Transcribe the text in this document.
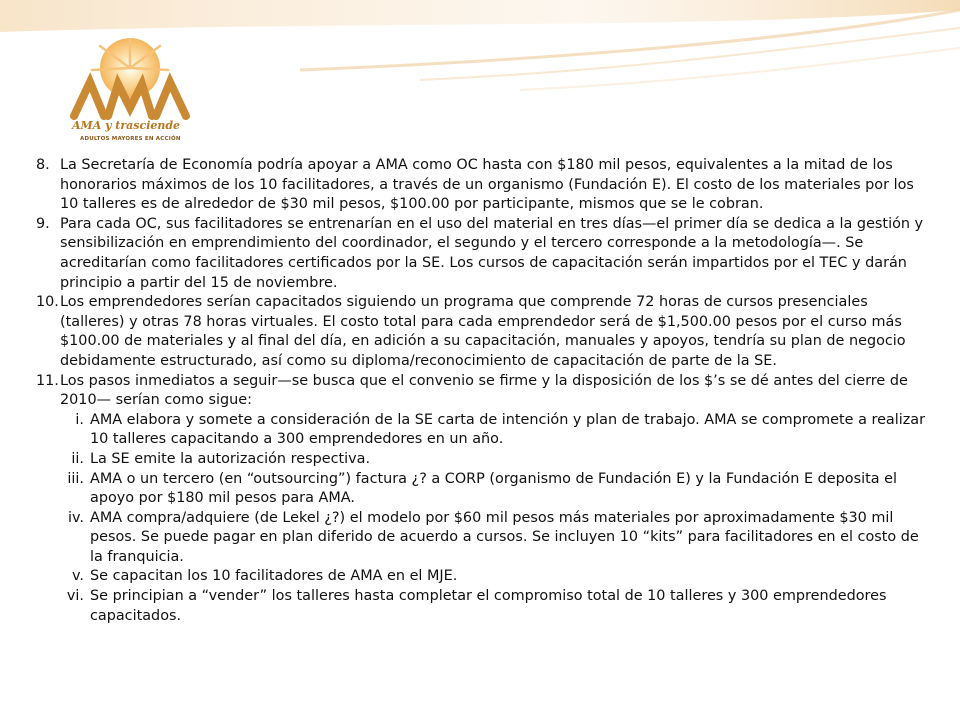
AMA y trasciende
ADULTOS MAYORES EN ACCIÓN
8. La Secretaría de Economía podría apoyar a AMA como OC hasta con $180 mil pesos, equivalentes a la mitad de los honorarios máximos de los 10 facilitadores, a través de un organismo (Fundación E). El costo de los materiales por los 10 talleres es de alrededor de $30 mil pesos, $100.00 por participante, mismos que se le cobran.
9. Para cada OC, sus facilitadores se entrenarían en el uso del material en tres días—el primer día se dedica a la gestión y sensibilización en emprendimiento del coordinador, el segundo y el tercero corresponde a la metodología—. Se acreditarían como facilitadores certificados por la SE. Los cursos de capacitación serán impartidos por el TEC y darán principio a partir del 15 de noviembre.
10. Los emprendedores serían capacitados siguiendo un programa que comprende 72 horas de cursos presenciales (talleres) y otras 78 horas virtuales. El costo total para cada emprendedor será de $1,500.00 pesos por el curso más $100.00 de materiales y al final del día, en adición a su capacitación, manuales y apoyos, tendría su plan de negocio debidamente estructurado, así como su diploma/reconocimiento de capacitación de parte de la SE.
11. Los pasos inmediatos a seguir—se busca que el convenio se firme y la disposición de los $’s se dé antes del cierre de 2010— serían como sigue:
i. AMA elabora y somete a consideración de la SE carta de intención y plan de trabajo. AMA se compromete a realizar 10 talleres capacitando a 300 emprendedores en un año.
ii. La SE emite la autorización respectiva.
iii. AMA o un tercero (en “outsourcing”) factura ¿? a CORP (organismo de Fundación E) y la Fundación E deposita el apoyo por $180 mil pesos para AMA.
iv. AMA compra/adquiere (de Lekel ¿?) el modelo por $60 mil pesos más materiales por aproximadamente $30 mil pesos. Se puede pagar en plan diferido de acuerdo a cursos. Se incluyen 10 “kits” para facilitadores en el costo de la franquicia.
v. Se capacitan los 10 facilitadores de AMA en el MJE.
vi. Se principian a “vender” los talleres hasta completar el compromiso total de 10 talleres y 300 emprendedores capacitados.
